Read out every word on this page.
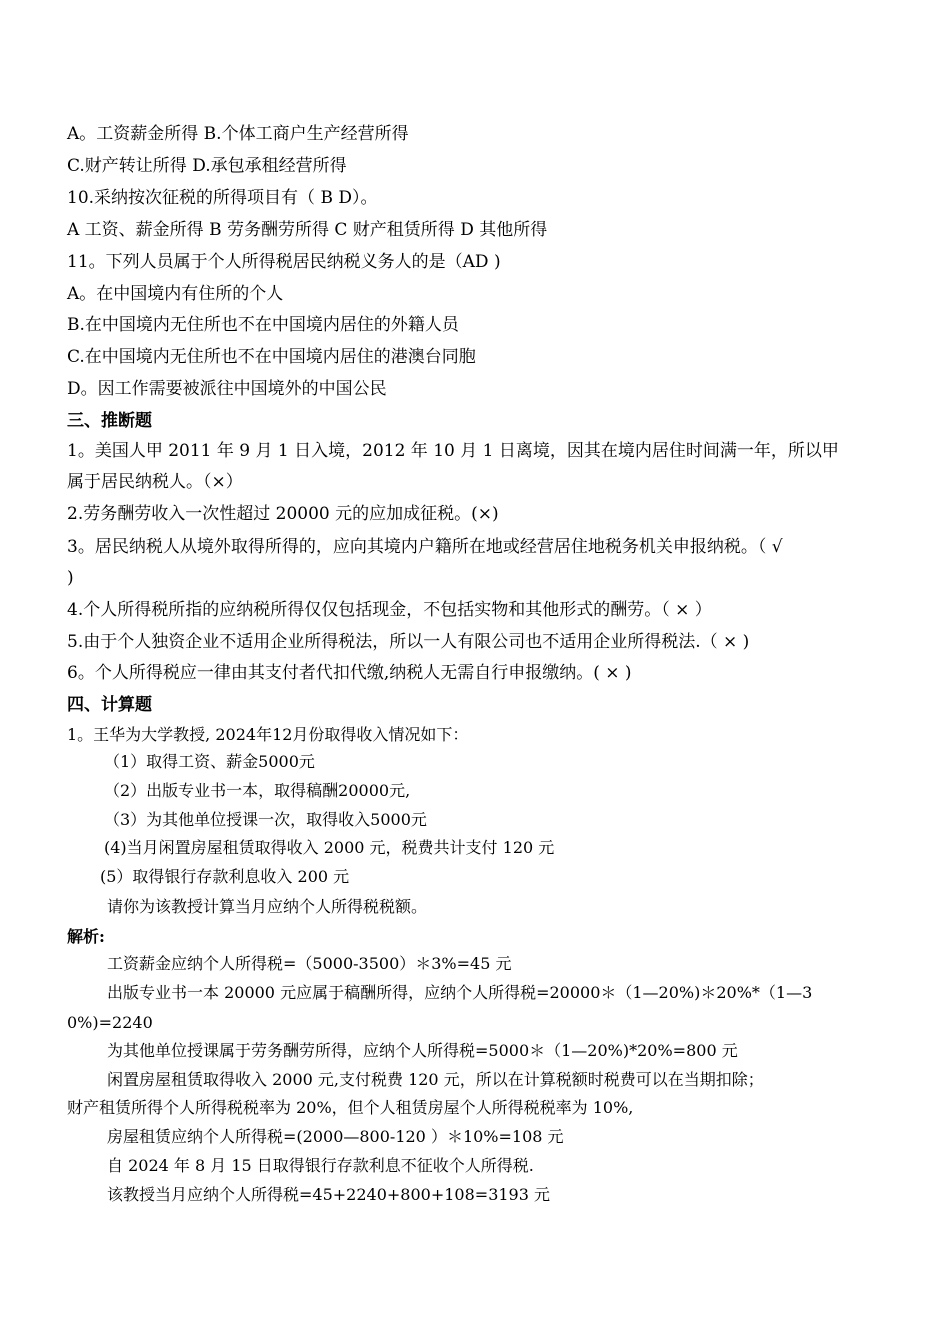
A。工资薪金所得 B.个体工商户生产经营所得
C.财产转让所得 D.承包承租经营所得
10.采纳按次征税的所得项目有（ B D）。
A 工资、薪金所得 B 劳务酬劳所得 C 财产租赁所得 D 其他所得
11。下列人员属于个人所得税居民纳税义务人的是（AD )
A。在中国境内有住所的个人
B.在中国境内无住所也不在中国境内居住的外籍人员
C.在中国境内无住所也不在中国境内居住的港澳台同胞
D。因工作需要被派往中国境外的中国公民
三、推断题
1。美国人甲 2011 年 9 月 1 日入境，2012 年 10 月 1 日离境，因其在境内居住时间满一年，所以甲
属于居民纳税人。（×）
2.劳务酬劳收入一次性超过 20000 元的应加成征税。(×)
3。居民纳税人从境外取得所得的，应向其境内户籍所在地或经营居住地税务机关申报纳税。（ √
)
4.个人所得税所指的应纳税所得仅仅包括现金，不包括实物和其他形式的酬劳。（ × ）
5.由于个人独资企业不适用企业所得税法，所以一人有限公司也不适用企业所得税法.（ × )
6。个人所得税应一律由其支付者代扣代缴,纳税人无需自行申报缴纳。( × )
四、计算题
1。王华为大学教授, 2024年12月份取得收入情况如下：
（1）取得工资、薪金5000元
（2）出版专业书一本，取得稿酬20000元,
（3）为其他单位授课一次，取得收入5000元
(4)当月闲置房屋租赁取得收入 2000 元，税费共计支付 120 元
(5）取得银行存款利息收入 200 元
请你为该教授计算当月应纳个人所得税税额。
解析:
工资薪金应纳个人所得税=（5000-3500）＊3%=45 元
出版专业书一本 20000 元应属于稿酬所得，应纳个人所得税=20000＊（1—20%)＊20%*（1—3
0%)=2240
为其他单位授课属于劳务酬劳所得，应纳个人所得税=5000＊（1—20%)*20%=800 元
闲置房屋租赁取得收入 2000 元,支付税费 120 元，所以在计算税额时税费可以在当期扣除；
财产租赁所得个人所得税税率为 20%，但个人租赁房屋个人所得税税率为 10%,
房屋租赁应纳个人所得税=(2000—800-120 ）＊10%=108 元
自 2024 年 8 月 15 日取得银行存款利息不征收个人所得税.
该教授当月应纳个人所得税=45+2240+800+108=3193 元
